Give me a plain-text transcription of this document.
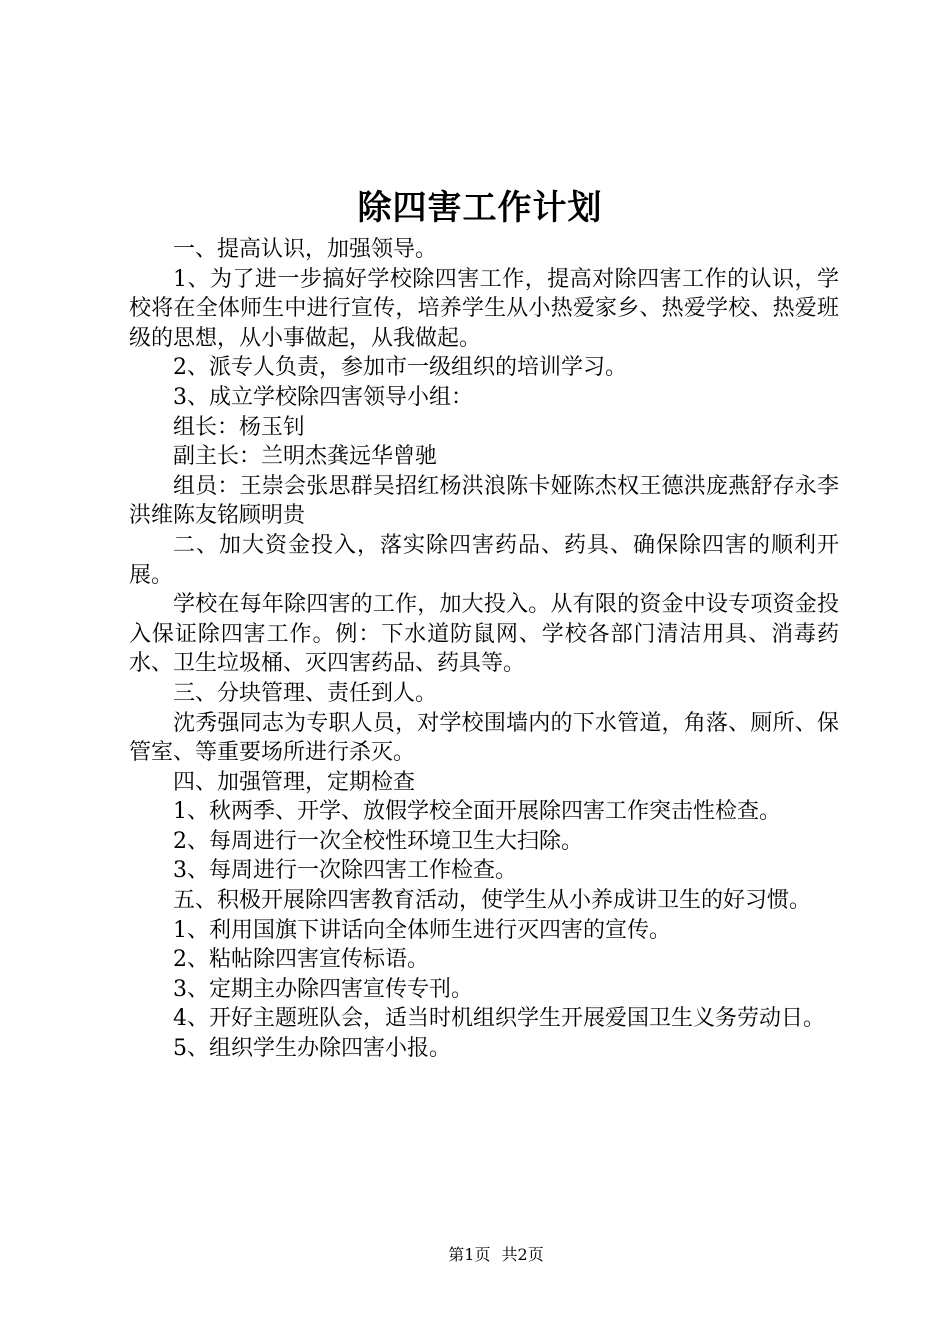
除四害工作计划

一、提高认识，加强领导。

1、为了进一步搞好学校除四害工作，提高对除四害工作的认识，学校将在全体师生中进行宣传，培养学生从小热爱家乡、热爱学校、热爱班级的思想，从小事做起，从我做起。

2、派专人负责，参加市一级组织的培训学习。

3、成立学校除四害领导小组：

组长：杨玉钊

副主长：兰明杰龚远华曾驰

组员：王崇会张思群吴招红杨洪浪陈卡娅陈杰权王德洪庞燕舒存永李洪维陈友铭顾明贵

二、加大资金投入，落实除四害药品、药具、确保除四害的顺利开展。

学校在每年除四害的工作，加大投入。从有限的资金中设专项资金投入保证除四害工作。例：下水道防鼠网、学校各部门清洁用具、消毒药水、卫生垃圾桶、灭四害药品、药具等。

三、分块管理、责任到人。

沈秀强同志为专职人员，对学校围墙内的下水管道，角落、厕所、保管室、等重要场所进行杀灭。

四、加强管理，定期检查

1、秋两季、开学、放假学校全面开展除四害工作突击性检查。

2、每周进行一次全校性环境卫生大扫除。

3、每周进行一次除四害工作检查。

五、积极开展除四害教育活动，使学生从小养成讲卫生的好习惯。

1、利用国旗下讲话向全体师生进行灭四害的宣传。

2、粘帖除四害宣传标语。

3、定期主办除四害宣传专刊。

4、开好主题班队会，适当时机组织学生开展爱国卫生义务劳动日。

5、组织学生办除四害小报。

第1页 共2页
